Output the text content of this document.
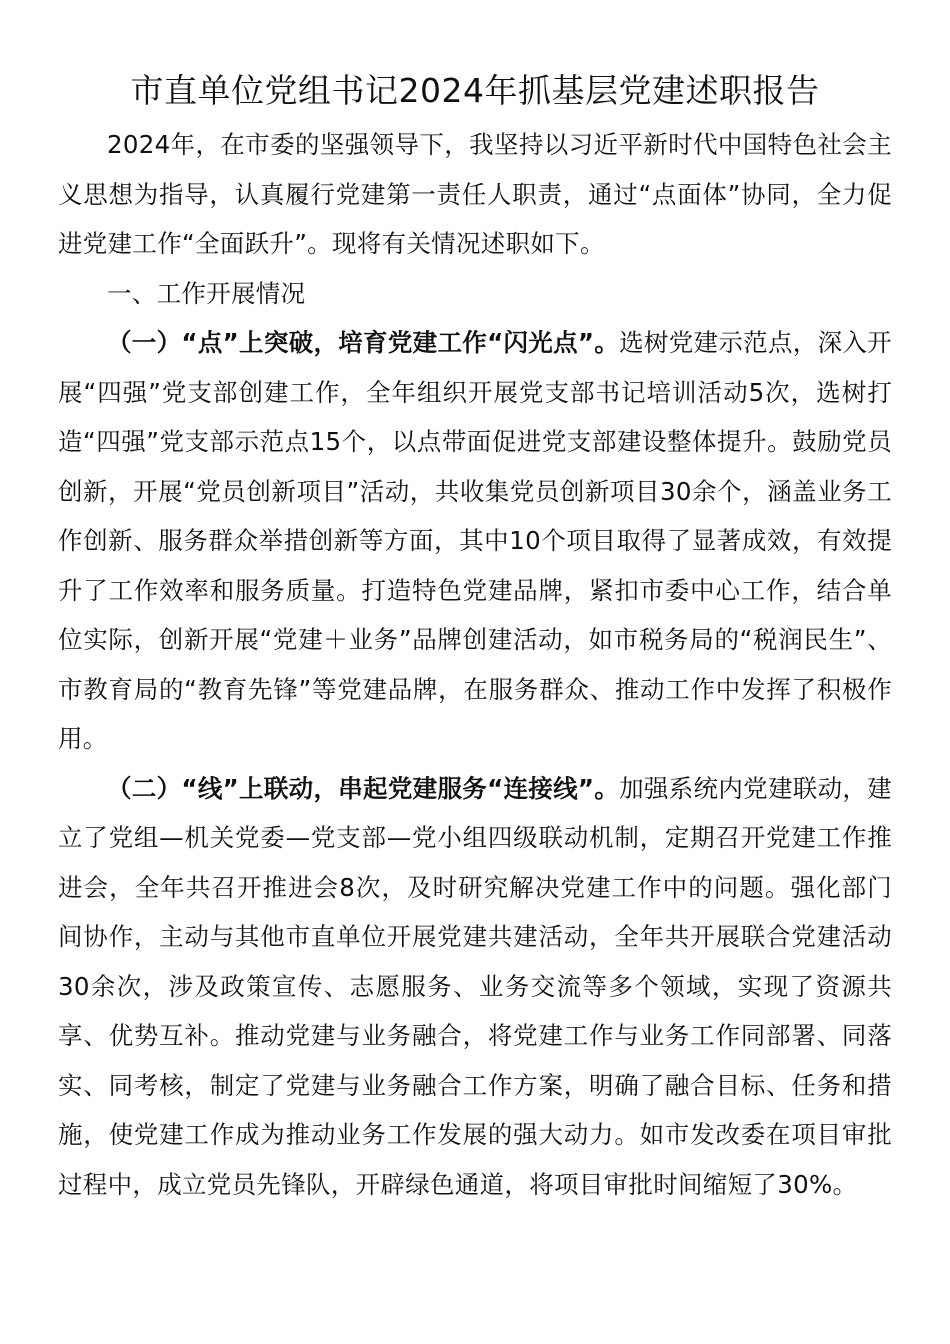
市直单位党组书记2024年抓基层党建述职报告

2024年，在市委的坚强领导下，我坚持以习近平新时代中国特色社会主义思想为指导，认真履行党建第一责任人职责，通过“点面体”协同，全力促进党建工作“全面跃升”。现将有关情况述职如下。

一、工作开展情况

（一）“点”上突破，培育党建工作“闪光点”。选树党建示范点，深入开展“四强”党支部创建工作，全年组织开展党支部书记培训活动5次，选树打造“四强”党支部示范点15个，以点带面促进党支部建设整体提升。鼓励党员创新，开展“党员创新项目”活动，共收集党员创新项目30余个，涵盖业务工作创新、服务群众举措创新等方面，其中10个项目取得了显著成效，有效提升了工作效率和服务质量。打造特色党建品牌，紧扣市委中心工作，结合单位实际，创新开展“党建＋业务”品牌创建活动，如市税务局的“税润民生”、市教育局的“教育先锋”等党建品牌，在服务群众、推动工作中发挥了积极作用。

（二）“线”上联动，串起党建服务“连接线”。加强系统内党建联动，建立了党组—机关党委—党支部—党小组四级联动机制，定期召开党建工作推进会，全年共召开推进会8次，及时研究解决党建工作中的问题。强化部门间协作，主动与其他市直单位开展党建共建活动，全年共开展联合党建活动30余次，涉及政策宣传、志愿服务、业务交流等多个领域，实现了资源共享、优势互补。推动党建与业务融合，将党建工作与业务工作同部署、同落实、同考核，制定了党建与业务融合工作方案，明确了融合目标、任务和措施，使党建工作成为推动业务工作发展的强大动力。如市发改委在项目审批过程中，成立党员先锋队，开辟绿色通道，将项目审批时间缩短了30%。
